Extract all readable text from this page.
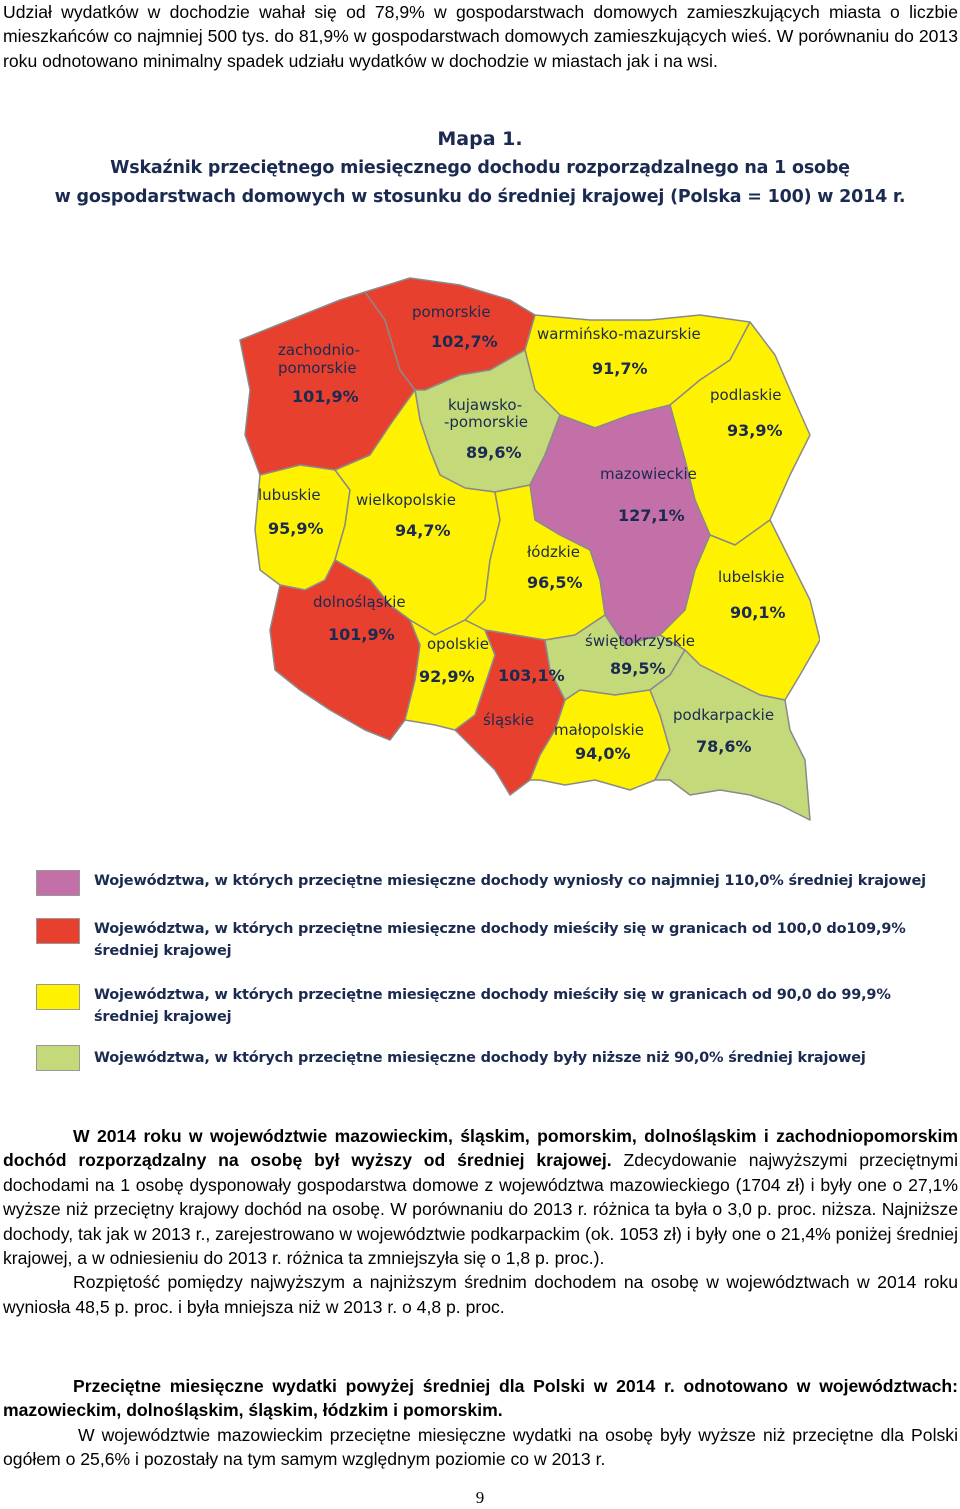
Udział wydatków w dochodzie wahał się od 78,9% w gospodarstwach domowych zamieszkujących miasta o liczbie mieszkańców co najmniej 500 tys. do 81,9% w gospodarstwach domowych zamieszkujących wieś. W porównaniu do 2013 roku odnotowano minimalny spadek udziału wydatków w dochodzie w miastach jak i na wsi.

Mapa 1.
Wskaźnik przeciętnego miesięcznego dochodu rozporządzalnego na 1 osobę
w gospodarstwach domowych w stosunku do średniej krajowej (Polska = 100) w 2014 r.
pomorskie
102,7%
zachodnio-
pomorskie
101,9%
warmińsko-mazurskie
91,7%
podlaskie
93,9%
kujawsko-
-pomorskie
89,6%
mazowieckie
127,1%
lubuskie
95,9%
wielkopolskie
94,7%
łódzkie
96,5%	lubelskie
90,1%
dolnośląskie
101,9% opolskie
92,9% 103,1%
śląskie
świętokrzyskie
89,5%
małopolskie
94,0%
podkarpackie
78,6%
Województwa, w których przeciętne miesięczne dochody wyniosły co najmniej 110,0% średniej krajowej
Województwa, w których przeciętne miesięczne dochody mieściły się w granicach od 100,0 do109,9% średniej krajowej
Województwa, w których przeciętne miesięczne dochody mieściły się w granicach od 90,0 do 99,9% średniej krajowej
Województwa, w których przeciętne miesięczne dochody były niższe niż 90,0% średniej krajowej

W 2014 roku w województwie mazowieckim, śląskim, pomorskim, dolnośląskim i zachodniopomorskim dochód rozporządzalny na osobę był wyższy od średniej krajowej. Zdecydowanie najwyższymi przeciętnymi dochodami na 1 osobę dysponowały gospodarstwa domowe z województwa mazowieckiego (1704 zł) i były one o 27,1% wyższe niż przeciętny krajowy dochód na osobę. W porównaniu do 2013 r. różnica ta była o 3,0 p. proc. niższa. Najniższe dochody, tak jak w 2013 r., zarejestrowano w województwie podkarpackim (ok. 1053 zł) i były one o 21,4% poniżej średniej krajowej, a w odniesieniu do 2013 r. różnica ta zmniejszyła się o 1,8 p. proc.).
Rozpiętość pomiędzy najwyższym a najniższym średnim dochodem na osobę w województwach w 2014 roku wyniosła 48,5 p. proc. i była mniejsza niż w 2013 r. o 4,8 p. proc.

Przeciętne miesięczne wydatki powyżej średniej dla Polski w 2014 r. odnotowano w województwach: mazowieckim, dolnośląskim, śląskim, łódzkim i pomorskim.
W województwie mazowieckim przeciętne miesięczne wydatki na osobę były wyższe niż przeciętne dla Polski ogółem o 25,6% i pozostały na tym samym względnym poziomie co w 2013 r.

9
